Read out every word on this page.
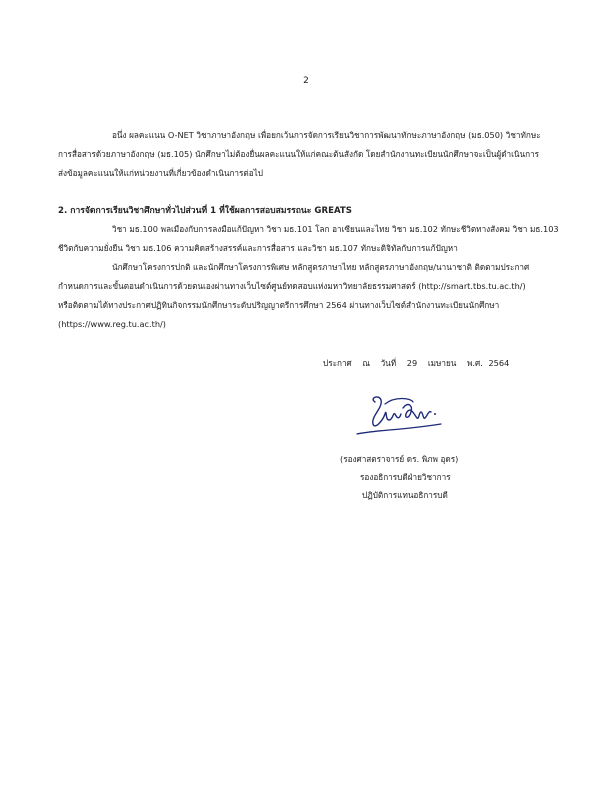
2

อนึ่ง ผลคะแนน O-NET วิชาภาษาอังกฤษ เพื่อยกเว้นการจัดการเรียนวิชาการพัฒนาทักษะภาษาอังกฤษ (มธ.050) วิชาทักษะ

การสื่อสารด้วยภาษาอังกฤษ (มธ.105) นักศึกษาไม่ต้องยื่นผลคะแนนให้แก่คณะต้นสังกัด โดยสำนักงานทะเบียนนักศึกษาจะเป็นผู้ดำเนินการ

ส่งข้อมูลคะแนนให้แก่หน่วยงานที่เกี่ยวข้องดำเนินการต่อไป

2. การจัดการเรียนวิชาศึกษาทั่วไปส่วนที่ 1 ที่ใช้ผลการสอบสมรรถนะ GREATS

วิชา มธ.100 พลเมืองกับการลงมือแก้ปัญหา วิชา มธ.101 โลก อาเซียนและไทย วิชา มธ.102 ทักษะชีวิตทางสังคม วิชา มธ.103

ชีวิตกับความยั่งยืน วิชา มธ.106 ความคิดสร้างสรรค์และการสื่อสาร และวิชา มธ.107 ทักษะดิจิทัลกับการแก้ปัญหา

นักศึกษาโครงการปกติ และนักศึกษาโครงการพิเศษ หลักสูตรภาษาไทย หลักสูตรภาษาอังกฤษ/นานาชาติ ติดตามประกาศ

กำหนดการและขั้นตอนดำเนินการด้วยตนเองผ่านทางเว็บไซต์ศูนย์ทดสอบแห่งมหาวิทยาลัยธรรมศาสตร์ (http://smart.tbs.tu.ac.th/)

หรือติดตามได้ทางประกาศปฏิทินกิจกรรมนักศึกษาระดับปริญญาตรีการศึกษา 2564 ผ่านทางเว็บไซต์สำนักงานทะเบียนนักศึกษา

(https://www.reg.tu.ac.th/)

ประกาศ ณ วันที่ 29 เมษายน พ.ศ. 2564
(รองศาสตราจารย์ ดร. พิภพ อุดร)
รองอธิการบดีฝ่ายวิชาการ
ปฏิบัติการแทนอธิการบดี
